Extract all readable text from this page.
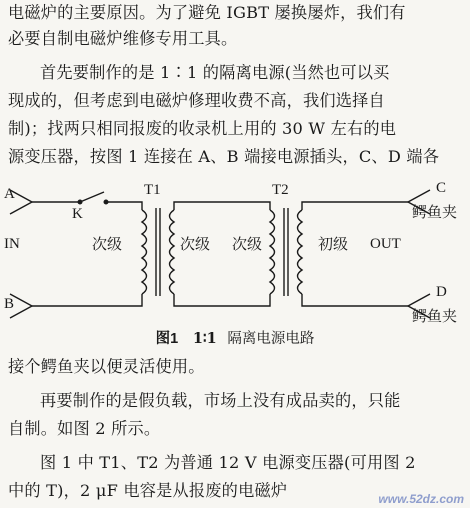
电磁炉的主要原因。为了避免 IGBT 屡换屡炸，我们有
必要自制电磁炉维修专用工具。
首先要制作的是 1∶1 的隔离电源(当然也可以买
现成的，但考虑到电磁炉修理收费不高，我们选择自
制)；找两只相同报废的收录机上用的 30 W 左右的电
源变压器，按图 1 连接在 A、B 端接电源插头，C、D 端各
A
K
IN
B
T1	T2
次级	次级 次级	初级 OUT
C
鳄鱼夹
D
鳄鱼夹
图1 1∶1 隔离电源电路
接个鳄鱼夹以便灵活使用。
再要制作的是假负载，市场上没有成品卖的，只能
自制。如图 2 所示。
图 1 中 T1、T2 为普通 12 V 电源变压器(可用图 2
中的 T)，2 μF 电容是从报废的电磁炉	www.52dz.com
